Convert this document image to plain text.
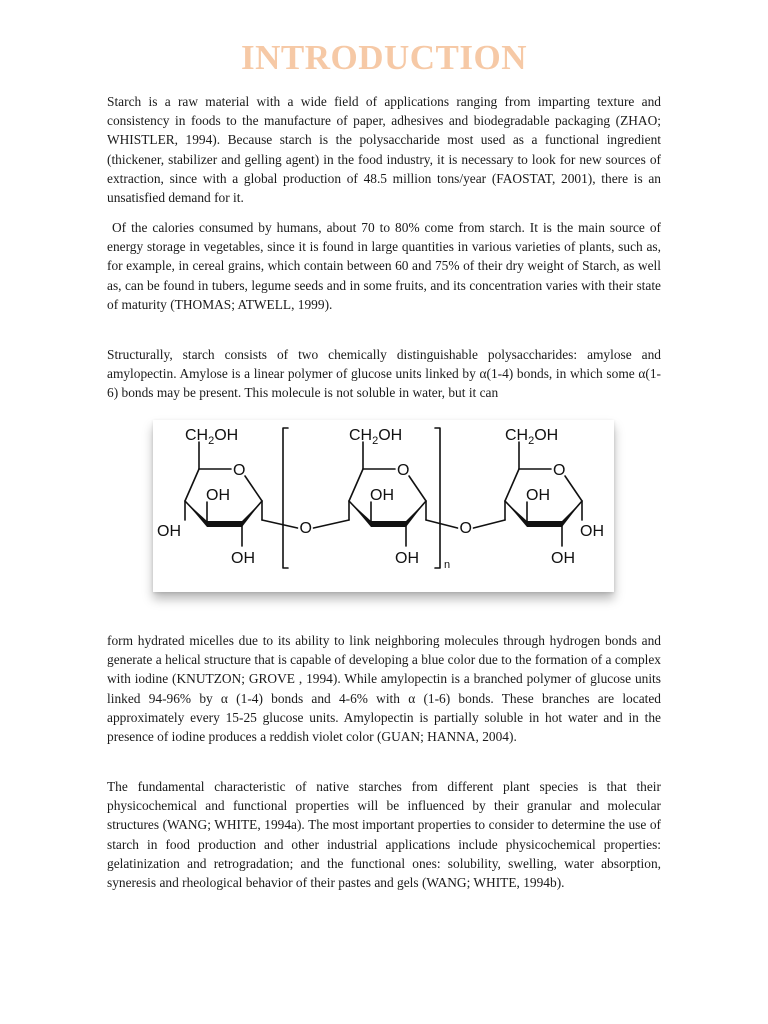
INTRODUCTION

Starch is a raw material with a wide field of applications ranging from imparting texture and consistency in foods to the manufacture of paper, adhesives and biodegradable packaging (ZHAO; WHISTLER, 1994). Because starch is the polysaccharide most used as a functional ingredient (thickener, stabilizer and gelling agent) in the food industry, it is necessary to look for new sources of extraction, since with a global production of 48.5 million tons/year (FAOSTAT, 2001), there is an unsatisfied demand for it.

Of the calories consumed by humans, about 70 to 80% come from starch. It is the main source of energy storage in vegetables, since it is found in large quantities in various varieties of plants, such as, for example, in cereal grains, which contain between 60 and 75% of their dry weight of Starch, as well as, can be found in tubers, legume seeds and in some fruits, and its concentration varies with their state of maturity (THOMAS; ATWELL, 1999).

Structurally, starch consists of two chemically distinguishable polysaccharides: amylose and amylopectin. Amylose is a linear polymer of glucose units linked by α(1-4) bonds, in which some α(1-6) bonds may be present. This molecule is not soluble in water, but it can

$CH_2OH$
O
OH
OH
OH
$CH_2OH$
O
OH
OH
$CH_2OH$
O
OH
OH
OH
O	O
n

form hydrated micelles due to its ability to link neighboring molecules through hydrogen bonds and generate a helical structure that is capable of developing a blue color due to the formation of a complex with iodine (KNUTZON; GROVE , 1994). While amylopectin is a branched polymer of glucose units linked 94-96% by α (1-4) bonds and 4-6% with α (1-6) bonds. These branches are located approximately every 15-25 glucose units. Amylopectin is partially soluble in hot water and in the presence of iodine produces a reddish violet color (GUAN; HANNA, 2004).

The fundamental characteristic of native starches from different plant species is that their physicochemical and functional properties will be influenced by their granular and molecular structures (WANG; WHITE, 1994a). The most important properties to consider to determine the use of starch in food production and other industrial applications include physicochemical properties: gelatinization and retrogradation; and the functional ones: solubility, swelling, water absorption, syneresis and rheological behavior of their pastes and gels (WANG; WHITE, 1994b).
